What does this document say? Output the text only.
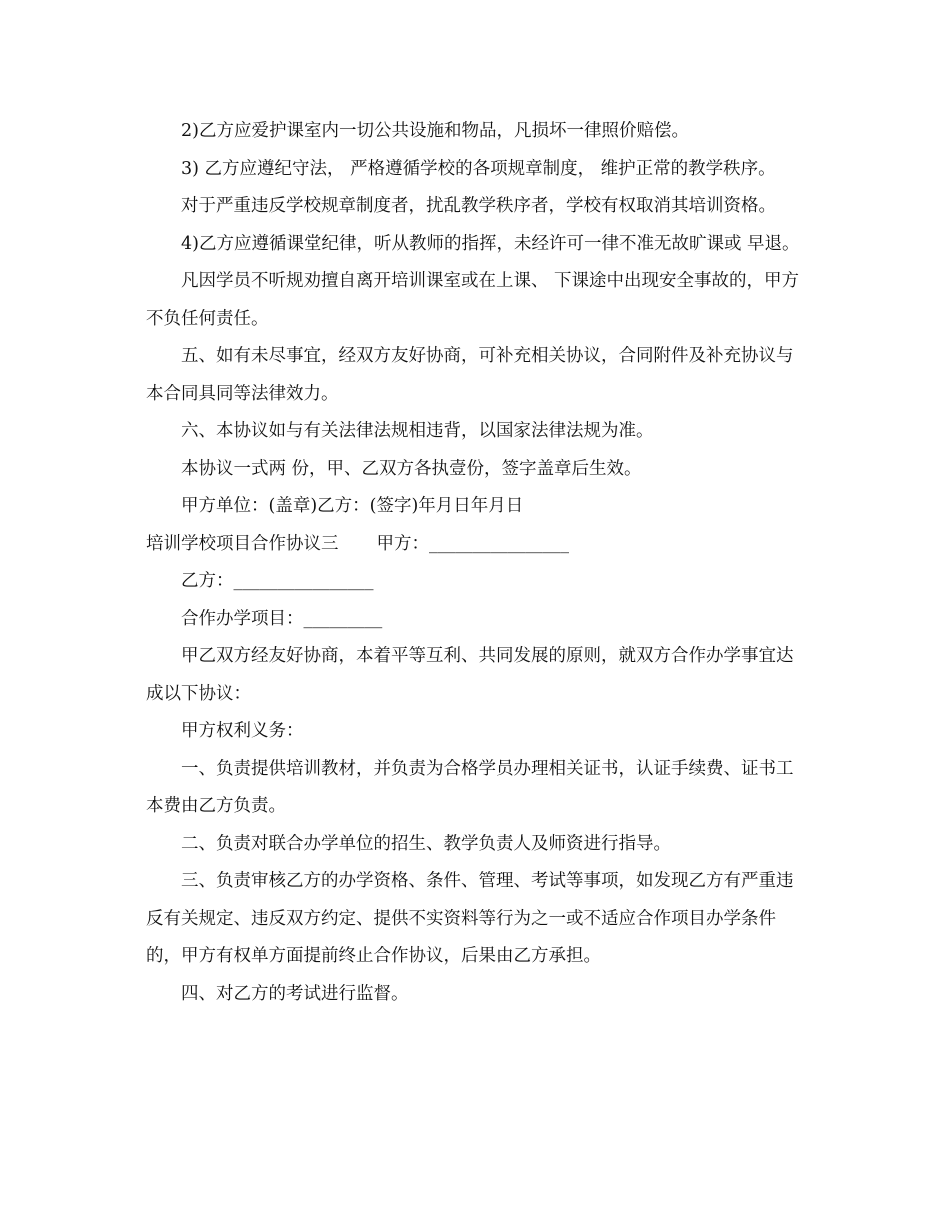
2)乙方应爱护课室内一切公共设施和物品，凡损坏一律照价赔偿。

3) 乙方应遵纪守法， 严格遵循学校的各项规章制度， 维护正常的教学秩序。

对于严重违反学校规章制度者，扰乱教学秩序者，学校有权取消其培训资格。

4)乙方应遵循课堂纪律，听从教师的指挥，未经许可一律不准无故旷课或 早退。

凡因学员不听规劝擅自离开培训课室或在上课、 下课途中出现安全事故的，甲方不负任何责任。

五、如有未尽事宜，经双方友好协商，可补充相关协议，合同附件及补充协议与本合同具同等法律效力。

六、本协议如与有关法律法规相违背，以国家法律法规为准。

本协议一式两 份，甲、乙双方各执壹份，签字盖章后生效。

甲方单位：(盖章)乙方：(签字)年月日年月日

培训学校项目合作协议三 甲方：________________

乙方：________________

合作办学项目：_________

甲乙双方经友好协商，本着平等互利、共同发展的原则，就双方合作办学事宜达成以下协议：

甲方权利义务：

一、负责提供培训教材，并负责为合格学员办理相关证书，认证手续费、证书工本费由乙方负责。

二、负责对联合办学单位的招生、教学负责人及师资进行指导。

三、负责审核乙方的办学资格、条件、管理、考试等事项，如发现乙方有严重违反有关规定、违反双方约定、提供不实资料等行为之一或不适应合作项目办学条件的，甲方有权单方面提前终止合作协议，后果由乙方承担。

四、对乙方的考试进行监督。
